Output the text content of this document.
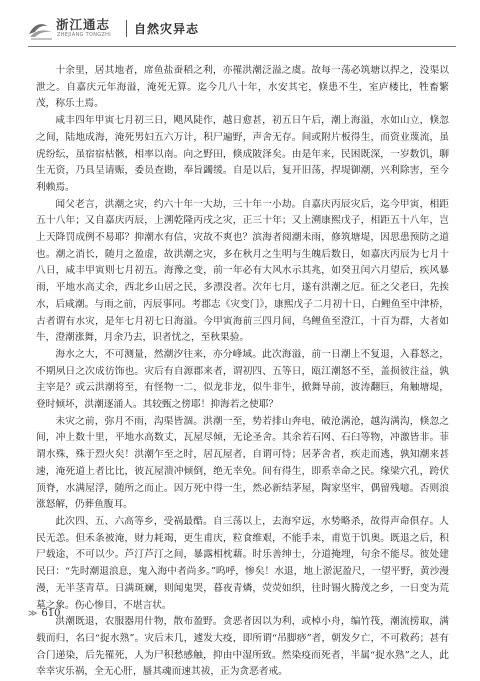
浙江通志
ZHEJIANG TONGZHI 自然灾异志

十余里，居其地者，席鱼盐蚕稻之利，亦罹洪潮泛溢之虞。故每一荡必筑塘以捍之，没渠以泄之。自嘉庆元年海溢，淹死无算。迄今几八十年，水安其宅，倏患不生，室庐楼比，牲畜繁茂，称乐土焉。

咸丰四年甲寅七月初三日，飓风陡作，越日愈甚，初五日午后，潮上海溢，水如山立，倏忽之间，陆地成海，淹死男妇五六万计，积尸遍野，声舍无存。间或附片板得生，而资业蔑流，虽虎纷纭，虽宿宿枯骸，相率以南。向之野田，倏成陂泽矣。由是年来，民困既深，一岁数饥，聊生无资，乃具呈请赈，委员查勘，奉旨蠲缓。自是以后，复开旧荡，捍堤御潮，兴利除害，至今利赖焉。

闻父老言，洪潮之灾，约六十年一大劫，三十年一小劫。自嘉庆丙辰灾后，迄今甲寅，相距五十八年；又自嘉庆丙辰，上溯乾隆丙戌之灾，正三十年；又上溯康熙戊子，相距五十八年，岂上天降罚成例不易耶？抑潮水有信，灾故不爽也？滨海者阅潮未雨，修筑塘堤，因思患预防之道也。潮之消长，随月之盈虚，故洪潮之灾，多在秋月之生明与生魄后数日，如嘉庆丙辰为七月十八日，咸丰甲寅则七月初五。海豫之变，前一年必有大风水示其兆，如癸丑闰六月望后，疾风暴雨，平地水高丈余，西北乡山居之民，多漂没者。次年七月，遂有洪潮之厄。征之父老曰，先挨水，后咸潮。与雨之前，丙辰事同。考郡志《灾变门》，康熙戊子二月初十日，白鲤鱼至中津桥，古者谓有水灾，是年七月初七日海溢。今甲寅海前三四月间，乌鲤鱼至澄江，十百为群，大者如牛，澄潮涨舞，月余乃去，识者忧之，至秋果验。

海水之大，不可测量，然潮汐往来，亦分峰域。此次海溢，前一日潮上不复退，入暮怒之，不期夙日之次成彷饰也。灾后有自源郡来者，谓初四、五等日，瓯江潮怒不至，盖损彼注益，孰主宰是？或云洪潮将至，有怪物一二，似龙非龙，似牛非牛，掀舞导前，波涛翻巨，角触塘堤，登时倾坏，洪潮逐涌人。其较甄之傍耶！抑海若之使耶？

未灾之前，弥月不雨，沟渠皆涸。洪潮一至，势若排山奔电，破沧满沧，越沟满沟，倏忽之间，冲上数十里，平地水高数丈，瓦屋尽倾，无论圣舍。其余若石网、石臼等物，冲激皆非。菲谓水殊，殊于烈火矣！洪潮乍至之时，居瓦屋者，自谓可恃；居茅舍者，疾走而逃，孰知潮来甚速，淹死道上者比比，彼瓦屋溃冲倾倒，绝无幸免。间有得生，即系幸命之民。缘梁穴孔，跨伏顶脊，水满屋浮，随所之而止。因万死中得一生，然必新结茅屋，陶家坚牢，偶留残噫。否则浪涨怒解，仍葬鱼腹耳。

此次四、五、六高等乡，受祸最酷。自三荡以上，去海窄远，水势略杀，故得声命俱存。人民无恙。但禾条被淹，财力耗竭，更生甫庆，粒食维艰，不能手耒，甫览于饥奥。既退之后，积尸载途，不可以少。芦汀芦汀之间，暴露相枕藉。时乐善绅士，分道掩埋，句余不能尽。彼处建民曰：“先时潮退浪息，鬼入海中者尚多。”呜呼，惨矣！水退，地上淤泥盈尺，一望平野，黄沙漫漫，无半茎青草。日满斑斓，则闻鬼哭，暮夜青燐，荧荧如织，往时锡火腾茂之乡，一日变为荒墓之象。伤心惨目，不堪言状。

洪潮既退，农服器用什物，散布盈野。贪恶者因以为利，或棹小舟，编竹筏，潮流捞取，满载而归，名曰“捉水熟”。灾后未几，遽发大疫，即所谓“吊脚痧”者，朝发夕亡，不可救药；甚有合门递染，后先罹死，人为尸积愁感触，抑由中湿所致。然染疫而死者，半属“捉水熟”之人，此幸幸灾乐祸，全无心肝，蜃其魂而速其祓，正为贪恶者戒。

≫ 610
